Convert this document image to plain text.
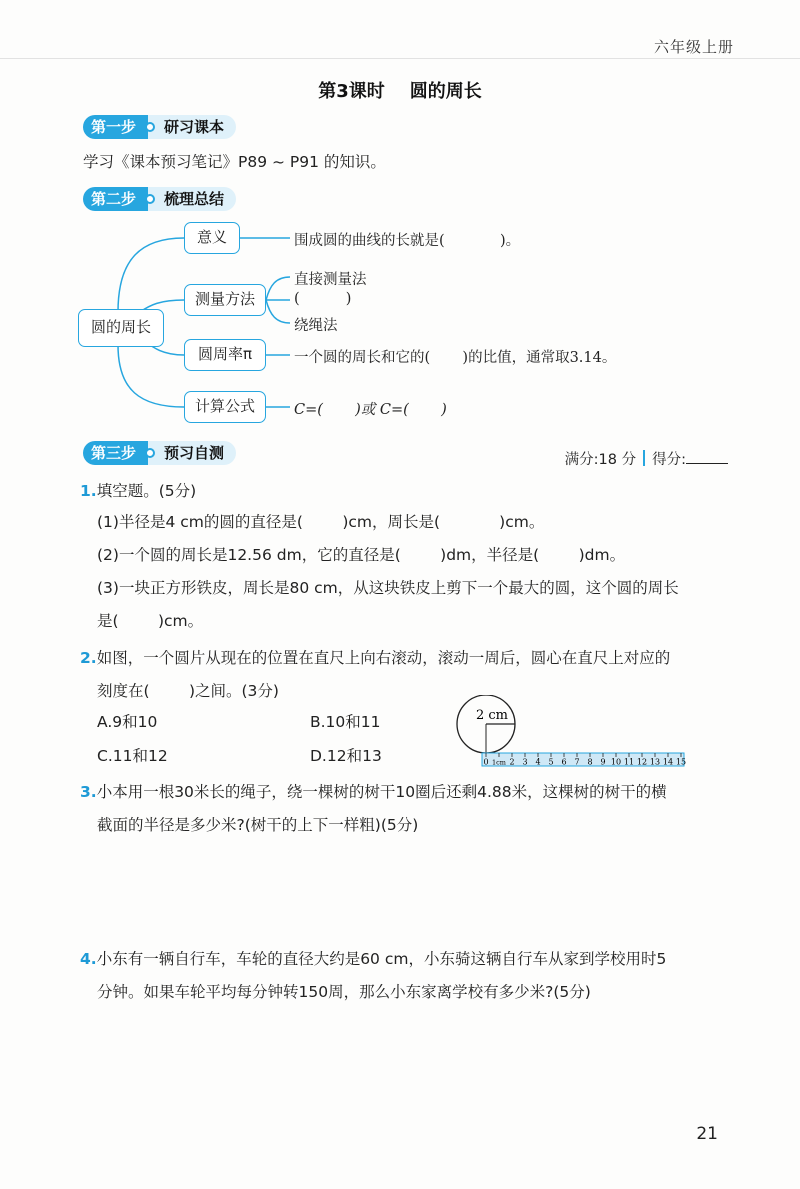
六年级上册
第3课时    圆的周长
第一步	研习课本
学习《课本预习笔记》P89 ~ P91 的知识。
第二步	梳理总结
圆的周长
意义
测量方法
圆周率π
计算公式
围成圆的曲线的长就是(            )。
直接测量法
(          )
绕绳法
一个圆的周长和它的(       )的比值，通常取3.14。
C=(       )或 C=(       )
第三步	预习自测	满分:18 分 得分:
1.填空题。(5分)
(1)半径是4 cm的圆的直径是(        )cm，周长是(            )cm。
(2)一个圆的周长是12.56 dm，它的直径是(        )dm，半径是(        )dm。
(3)一块正方形铁皮，周长是80 cm，从这块铁皮上剪下一个最大的圆，这个圆的周长
是(        )cm。
2.如图，一个圆片从现在的位置在直尺上向右滚动，滚动一周后，圆心在直尺上对应的
刻度在(        )之间。(3分)
A.9和10	B.10和11
C.11和12	D.12和13
2 cm
0 1cm 2 3 4 5 6 7 8 9 10 11 12 13 14 15
3.小本用一根30米长的绳子，绕一棵树的树干10圈后还剩4.88米，这棵树的树干的横
截面的半径是多少米?(树干的上下一样粗)(5分)
4.小东有一辆自行车，车轮的直径大约是60 cm，小东骑这辆自行车从家到学校用时5
分钟。如果车轮平均每分钟转150周，那么小东家离学校有多少米?(5分)
21
